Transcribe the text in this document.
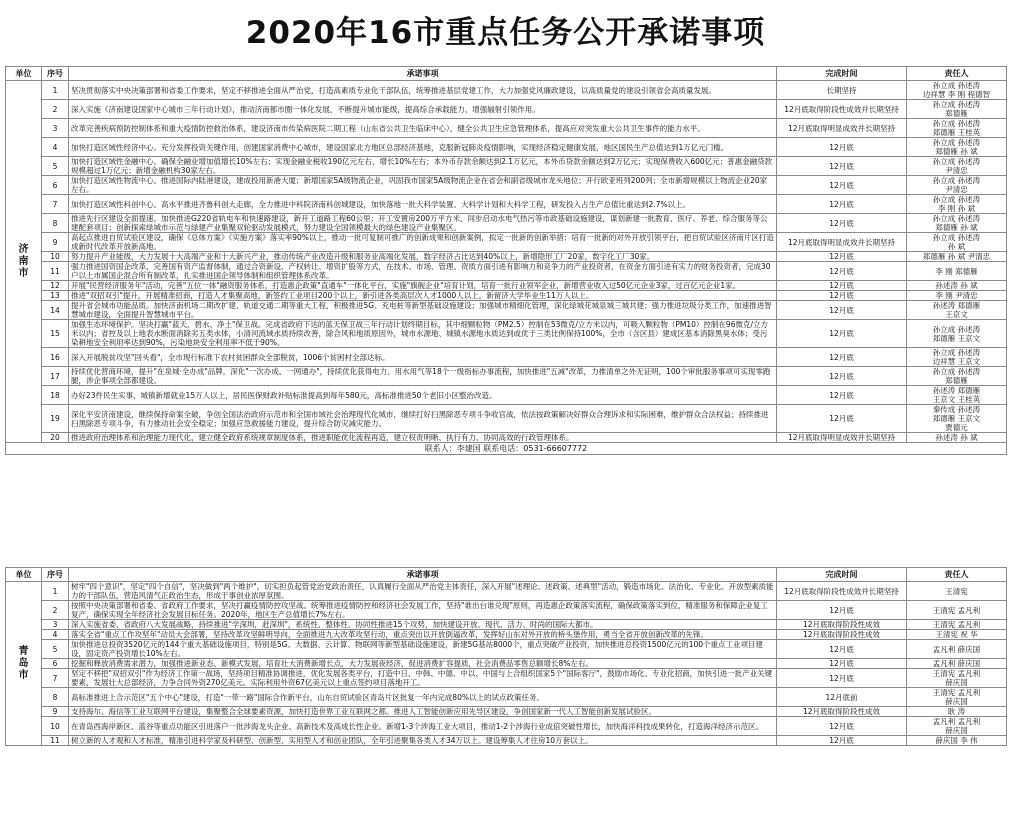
2020年16市重点任务公开承诺事项
单位	序号	承诺事项	完成时间	责任人
济南市	1	坚决贯彻落实中央决策部署和省委工作要求，坚定不移推进全面从严治党，打造高素质专业化干部队伍，统筹推进基层党建工作，大力加强党风廉政建设，以高质量党的建设引领省会高质量发展。	长期坚持	孙立成 孙述涛
边祥慧 李 刚 程德智
	2	深入实施《济南建设国家中心城市三年行动计划》，推动济南都市圈一体化发展，不断提升城市能级，提高综合承载能力、增强辐射引领作用。	12月底取得阶段性成效并长期坚持	孙立成 孙述涛
郑德雁
	3	改革完善疾病预防控制体系和重大疫情防控救治体系，建设济南市传染病医院二期工程（山东省公共卫生临床中心），健全公共卫生应急管理体系，提高应对突发重大公共卫生事件的能力水平。	12月底取得明显成效并长期坚持	孙立成 孙述涛
郑德雁 王桂英
	4	加快打造区域性经济中心。充分发挥投资关键作用，创建国家消费中心城市，建设国家北方地区总部经济基地，克服新冠肺炎疫情影响，实现经济稳定健康发展，地区国民生产总值达到1万亿元门槛。	12月底	孙立成 孙述涛
郑德雁 孙 斌
	5	加快打造区域性金融中心。确保全融业增加值增长10%左右；实现金融业税收190亿元左右，增长10%左右；本外币存款余额达到2.1万亿元，本外币贷款余额达到2万亿元；实现保费收入600亿元；普惠金融贷款规模超过1万亿元；新增金融机构30家左右。	12月底	孙立成 孙述涛
尹清忠
	6	加快打造区域性物流中心。推进国际内陆港建设，建成投用新港大厦；新增国家5A级物流企业，巩固我市国家5A级物流企业在省会和副省级城市龙头地位；开行欧亚班列200列；全市新增规模以上物流企业20家左右。	12月底	孙立成 孙述涛
尹清忠
	7	加快打造区域性科创中心。高水平推进齐鲁科创大走廊，全力推进中科院济南科创城建设，加快落地一批大科学装置、大科学计划和大科学工程，研发投入占生产总值比重达到2.7%以上。	12月底	孙立成 孙述涛
李 刚 孙 斌
	8	推进先行区建设全面提速。加快推进G220省轨电车和快速路建设，新开工道路工程60公里；开工安置房200万平方米，同步启动水电气热污等市政基础设施建设，谋划新建一批教育、医疗、养老、综合服务等公建配套项目；创新探索绿城市示范与绿建产业集聚双轮驱动发展模式，努力建设全国领模最大的绿色建设产业集聚区。	12月底	孙立成 孙述涛
郑德雁 孙 斌
	9	高起点推进自贸试验区建设，确保《总体方案》《实施方案》落实率90%以上，推动一批可复制可推广的创新成果和创新案例，拟定一批新的创新举措；培育一批新的对外开放引领平台，把自贸试验区济南片区打造成新时代改革开放新高地。	12月底取得明显成效并长期坚持	孙立成 孙述涛
孙 斌
	10	努力提升产业能级，大力发展十大高端产业和十大新兴产业，推动传统产业改造升级和服务业高端化发展，数字经济占比达到40%以上，新增隐形工厂20家，数字化工厂30家。	12月底	郑德雁 孙 斌 尹清忠
	11	强力推进国资国企改革，完善国有资产监督体制，通过合资新设、产权转让、增资扩股等方式，在技术、市场、管理、资质方面引进有影响力和竞争力的产业投资者，在资金方面引进有实力的财务投资者，完成30户以上市属国企混合所有制改革，扎实推进国企领导体制和组织管理体系改革。	12月底	李 刚 郑德雁
	12	开展"民营经济服务年"活动，完善"五位一体"融资服务体系，打造惠企政策"直通车"一体化平台，实施"旗舰企业"培育计划，培育一批行业领军企业，新增营业收入过50亿元企业3家，过百亿元企业1家。	12月底	孙述涛 孙 斌
	13	推进"双招双引"提升，开展精准招商，打造人才集聚高地，新签约工业项目200个以上，新引进各类高层次人才1000人以上，新留济大学毕业生11万人以上。	12月底	李 刚 尹清忠
	14	提升省会城市功能品质。加快济南机场二期改扩建、轨道交通二期等重大工程，积极推进5G、充电桩等新型基础设施建设；加强城市精细化管理，深化绿城花城泉城三城共建；强力推进垃圾分类工作，加速推进智慧城市建设，全面提升智慧城市平台。	12月底	孙述涛 郑德雁
王京文
	15	加强生态环境保护。坚决打赢"蓝天、碧水、净土"保卫战。完成省政府下达的蓝天保卫战三年行动计划终期目标，其中细颗粒物（PM2.5）控制在53微克/立方米以内，可吸入颗粒物（PM10）控制在96微克/立方米以内；省控及以上地表水断面消除劣五类水体，小清河流域水质持续改善，除合风和地质原因外，城市水源地、城镇水源地水质达到或优于三类比例保持100%，全市（含区县）建成区基本消除黑臭水体；受污染耕地安全利用率达到90%，污染地块安全利用率不低于90%。	12月底	孙立成 孙述涛
郑德雁 王京文
	16	深入开展脱贫攻坚"回头看"，全市现行标准下农村贫困群众全部脱贫，1006个贫困村全部达标。	12月底	孙立成 孙述涛
边祥慧 王京文
	17	持续优化营商环境，提升"在泉城·全办成"品牌，深化"一次办成、一网通办"，持续优化获得电力、用水用气等18个一级指标办事流程，加快推进"五减"改革，力推清单之外无证明，100个审批服务事项可实现零跑腿，涉企事项全部都建设。	12月底	孙立成 孙述涛
郑德雁
	18	办好23件民生实事，城镇新增就业15万人以上，居民医保财政补贴标准提高到每年580元，高标准推进50个老旧小区整治改造。	12月底	孙述涛 郑德雁
王京文 王桂英
	19	深化平安济南建设，继续保持命案全破，争创全国法治政府示范市和全国市域社会治理现代化城市，继续打好扫黑除恶专项斗争收官战，依法按政策解决好群众合理诉求和实际困难，维护群众合法权益；持续推进扫黑除恶专项斗争，有力推动社会安全稳定；加强应急救援能力建设，提升综合防灾减灾能力。	12月底	秦传成 孙述涛
郑德雁 王京文
贾德元
	20	推进政府治理体系和治理能力现代化，建立健全政府系统规章制度体系，推进职能优化流程再造，建立权责明晰、执行有力、协同高效的行政管理体系。	12月底取得明显成效并长期坚持	孙述涛 孙 斌
联系人：李建国 联系电话：0531-66607772				
单位	序号	承诺事项	完成时间	责任人
青岛市	1	树牢"四个意识"，坚定"四个自信"，坚决做到"两个维护"，切实担负起管党治党政治责任，认真履行全面从严治党主体责任，深入开展"述理论、述政策、述典型"活动，锻造市场化、法治化、专业化、开放型素质能力的干部队伍，营造风清气正政治生态，形成干事创业浓厚氛围。	12月底取得阶段性成效并长期坚持	王清宪
	2	按照中央决策部署和省委、省政府工作要求，坚决打赢疫情防控攻坚战。统筹推进疫情防控和经济社会发展工作，坚持"谁出台谁兑现"原则，再造惠企政策落实流程，确保政策落实到位，精准服务和保障企业复工复产，确保实现全年经济社会发展目标任务。2020年，地区生产总值增长7%左右。	12月底	王清宪 孟凡利
	3	深入实施省委、省政府八大发展战略，持续推进"学深圳，赶深圳"，系统性、整体性、协同性推进15个攻势，加快建设开放、现代、活力、时尚的国际大都市。	12月底取得阶段性成效	王清宪 孟凡利
	4	落实全省"重点工作攻坚年"动员大会部署，坚持改革攻坚鲜明导向，全面推进九大改革攻坚行动，重点突出以开放倒逼改革，发挥好山东对外开放的桥头堡作用，勇当全省开放创新改革的先锋。	12月底取得阶段性成效	王清宪 祝 华
	5	加快推进总投资3520亿元的144个重大基础设施项目，特别是5G、大数据、云计算、物联网等新型基础设施建设，新建5G基站8000个，重点突破产业投资，加快推进总投资1500亿元的100个重点工业项目建设，固定资产投资增长10%左右。	12月底	孟凡利 薛庆国
	6	挖掘和释放消费需求潜力，加强推进新业态、新模式发展，培育壮大消费新增长点，大力发展夜经济，促进消费扩容提质，社会消费品零售总额增长8%左右。	12月底	孟凡利 薛庆国
	7	坚定不移把"双招双引"作为经济工作第一战场，坚持项目精准协调推进，优化发展各类平台，打造中日、中韩、中德、中以、中国与上合组织国家5个"国际客厅"，鼓励市场化、专业化招商，加快引进一批产业关键要素，发展壮大总部经济，力争合同外资270亿美元、实际利用外资67亿美元以上重点签约项目落地开工。	12月底	王清宪 孟凡利
薛庆国
	8	高标准推进上合示范区"五个中心"建设，打造"一带一路"国际合作新平台，山东自贸试验区青岛片区批复一年内完成80%以上的试点政策任务。	12月底前	王清宪 孟凡利
薛庆国
	9	支持海尔、海信等工业互联网平台建设，集聚整合全球要素资源，加快打造世界工业互联网之都。推进人工智能创新应用先导区建设，争创国家新一代人工智能创新发展试验区。	12月底取得阶段性成效	耿 涛
	10	在青岛西海岸新区、蓝谷等重点功能区引进落户一批涉海龙头企业、高新技术及高成长性企业。新增1-3个涉海工业大项目，推动1-2个涉海行业成倍突破性增长，加快海洋科技成果转化，打造海洋经济示范区。	12月底	孟凡利 孟凡利
薛庆国
	11	树立新的人才观和人才标准，精准引进科学家及科研型、创新型、实用型人才和创业团队，全年引进聚集各类人才34万以上。建设筹集人才住房10万套以上。	12月底	薛庆国 李 伟
